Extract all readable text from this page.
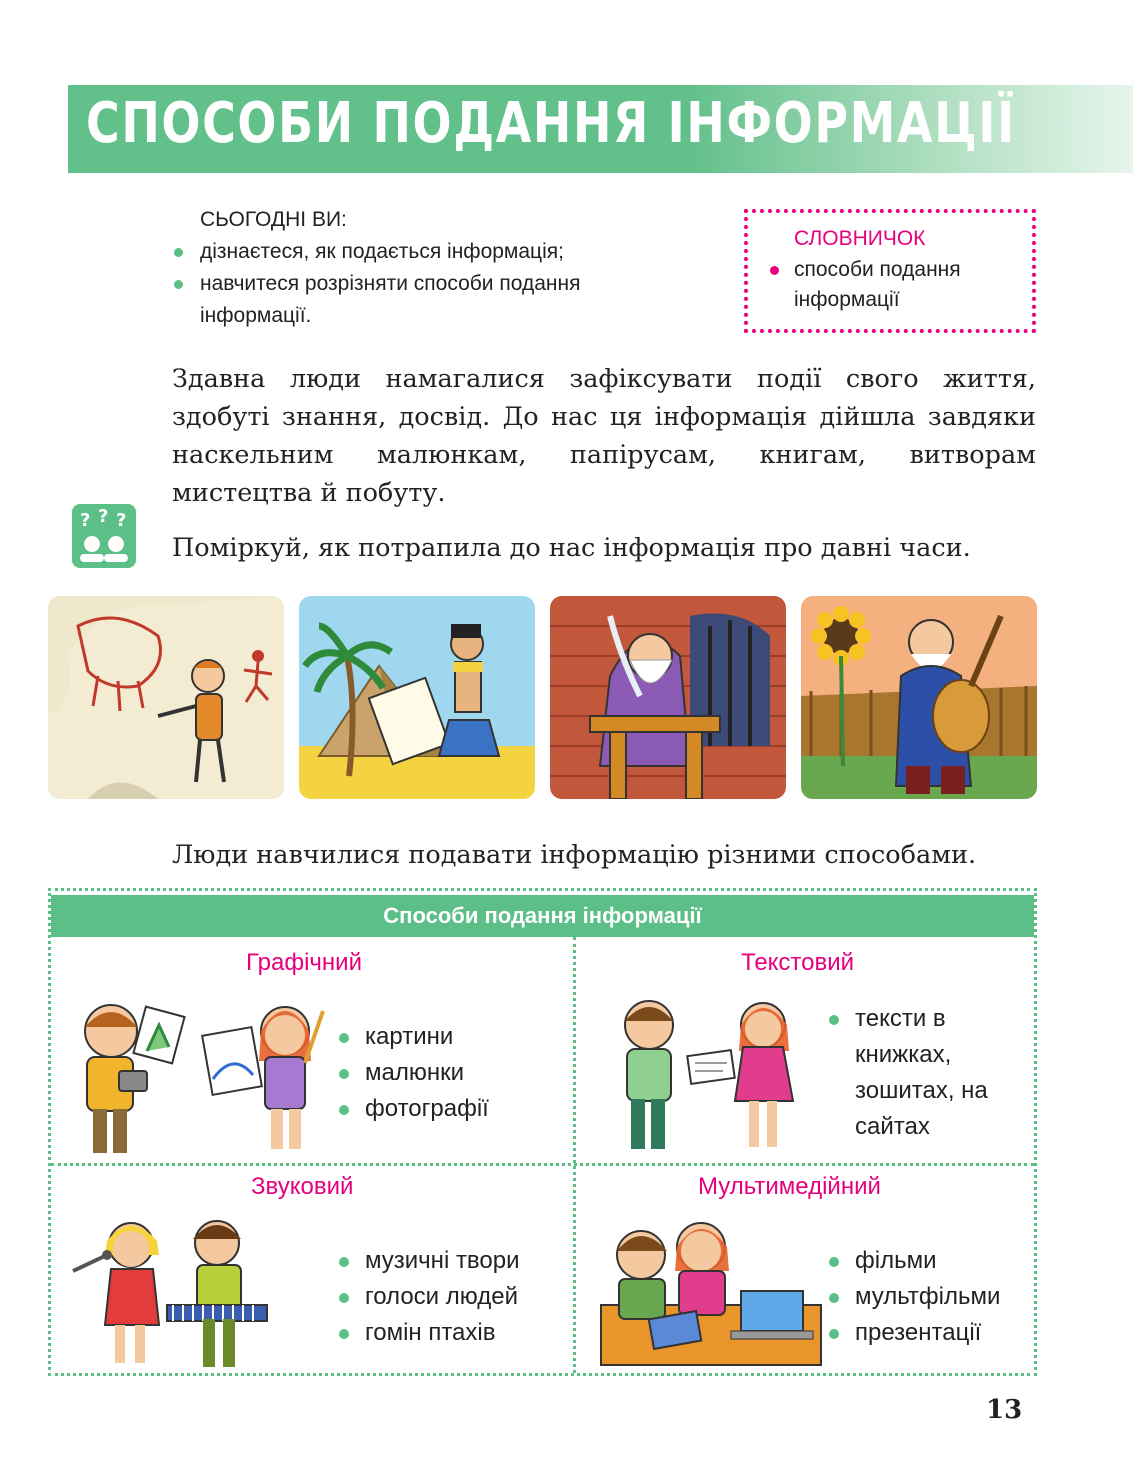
СПОСОБИ ПОДАННЯ ІНФОРМАЦІЇ
СЬОГОДНІ ВИ:
дізнаєтеся, як подається інформація;
навчитеся розрізняти способи подання інформації.
СЛОВНИЧОК
способи подання інформації

Здавна люди намагалися зафіксувати події свого життя, здобуті знання, досвід. До нас ця інформація дійшла завдяки наскельним малюнкам, папірусам, книгам, витворам мистецтва й побуту.

? ? ?

Поміркуй, як потрапила до нас інформація про давні часи.

Люди навчилися подавати інформацію різними способами.

Способи подання інформації
Графічний
картини
малюнки
фотографії
Текстовий
тексти в книжках, зошитах, на сайтах
Звуковий
музичні твори
голоси людей
гомін птахів
Мультимедійний
фільми
мультфільми
презентації
13
